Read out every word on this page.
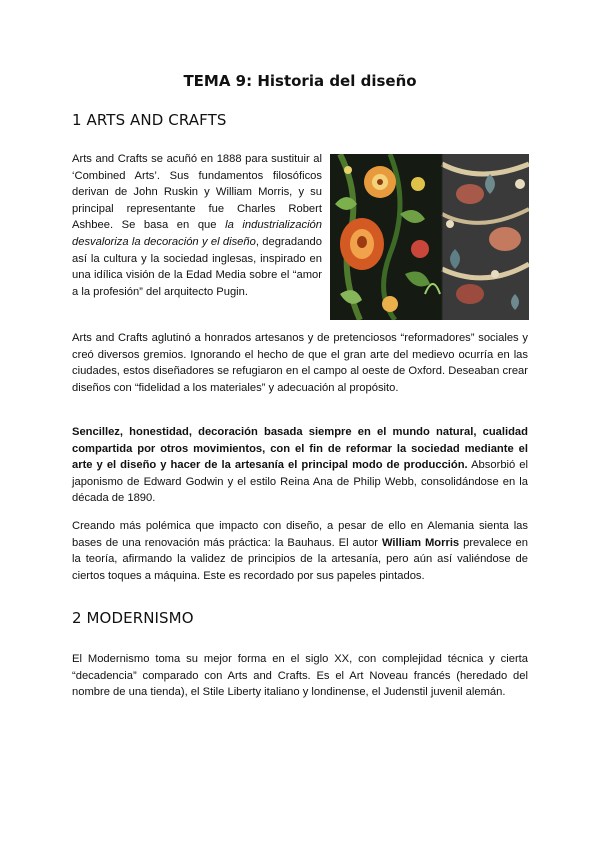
TEMA 9: Historia del diseño
1 ARTS AND CRAFTS

Arts and Crafts se acuñó en 1888 para sustituir al ‘Combined Arts’. Sus fundamentos filosóficos derivan de John Ruskin y William Morris, y su principal representante fue Charles Robert Ashbee. Se basa en que la industrialización desvaloriza la decoración y el diseño, degradando así la cultura y la sociedad inglesas, inspirado en una idílica visión de la Edad Media sobre el “amor a la profesión” del arquitecto Pugin.

Arts and Crafts aglutinó a honrados artesanos y de pretenciosos “reformadores” sociales y creó diversos gremios. Ignorando el hecho de que el gran arte del medievo ocurría en las ciudades, estos diseñadores se refugiaron en el campo al oeste de Oxford. Deseaban crear diseños con “fidelidad a los materiales” y adecuación al propósito.

Sencillez, honestidad, decoración basada siempre en el mundo natural, cualidad compartida por otros movimientos, con el fin de reformar la sociedad mediante el arte y el diseño y hacer de la artesanía el principal modo de producción. Absorbió el japonismo de Edward Godwin y el estilo Reina Ana de Philip Webb, consolidándose en la década de 1890.

Creando más polémica que impacto con diseño, a pesar de ello en Alemania sienta las bases de una renovación más práctica: la Bauhaus. El autor William Morris prevalece en la teoría, afirmando la validez de principios de la artesanía, pero aún así valiéndose de ciertos toques a máquina. Este es recordado por sus papeles pintados.

2 MODERNISMO

El Modernismo toma su mejor forma en el siglo XX, con complejidad técnica y cierta “decadencia” comparado con Arts and Crafts. Es el Art Noveau francés (heredado del nombre de una tienda), el Stile Liberty italiano y londinense, el Judenstil juvenil alemán.
